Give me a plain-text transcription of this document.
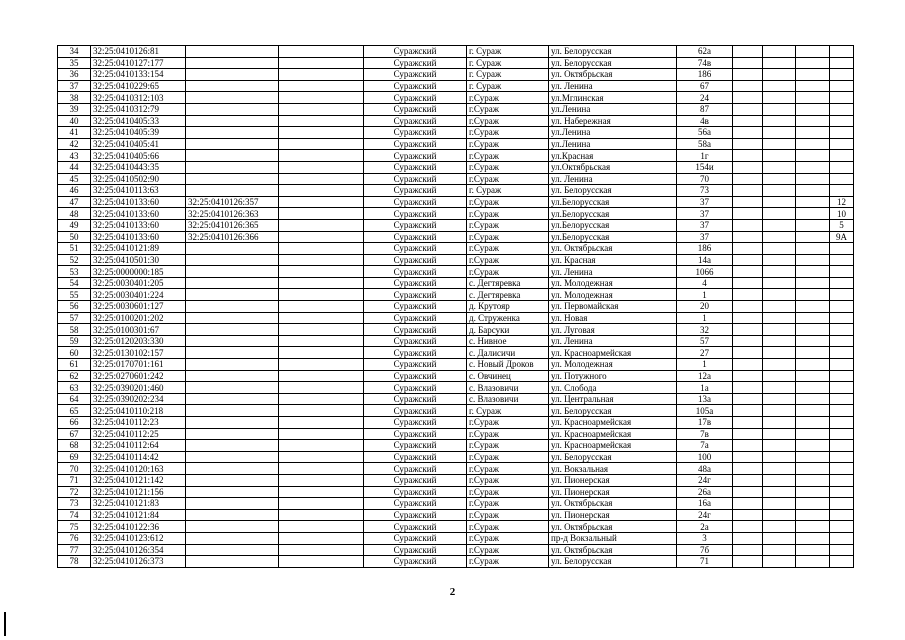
34	32:25:0410126:81			Суражский	г. Сураж	ул. Белорусская	62а				
35	32:25:0410127:177			Суражский	г. Сураж	ул. Белорусская	74в				
36	32:25:0410133:154			Суражский	г. Сураж	ул. Октябрьская	186				
37	32:25:0410229:65			Суражский	г. Сураж	ул. Ленина	67				
38	32:25:0410312:103			Суражский	г.Сураж	ул.Мглинская	24				
39	32:25:0410312:79			Суражский	г.Сураж	ул.Ленина	87				
40	32:25:0410405:33			Суражский	г.Сураж	ул. Набережная	4в				
41	32:25:0410405:39			Суражский	г.Сураж	ул.Ленина	56а				
42	32:25:0410405:41			Суражский	г.Сураж	ул.Ленина	58а				
43	32:25:0410405:66			Суражский	г.Сураж	ул.Красная	1г				
44	32:25:0410443:35			Суражский	г.Сураж	ул.Октябрьская	154и				
45	32:25:0410502:90			Суражский	г.Сураж	ул. Ленина	70				
46	32:25:0410113:63			Суражский	г. Сураж	ул. Белорусская	73				
47	32:25:0410133:60	32:25:0410126:357		Суражский	г.Сураж	ул.Белорусская	37				12
48	32:25:0410133:60	32:25:0410126:363		Суражский	г.Сураж	ул.Белорусская	37				10
49	32:25:0410133:60	32:25:0410126:365		Суражский	г.Сураж	ул.Белорусская	37				5
50	32:25:0410133:60	32:25:0410126:366		Суражский	г.Сураж	ул.Белорусская	37				9А
51	32:25:0410121:89			Суражский	г.Сураж	ул. Октябрьская	186				
52	32:25:0410501:30			Суражский	г.Сураж	ул. Красная	14а				
53	32:25:0000000:185			Суражский	г.Сураж	ул. Ленина	1066				
54	32:25:0030401:205			Суражский	с. Дегтяревка	ул. Молодежная	4				
55	32:25:0030401:224			Суражский	с. Дегтяревка	ул. Молодежная	1				
56	32:25:0030601:127			Суражский	д. Крутояр	ул. Первомайская	20				
57	32:25:0100201:202			Суражский	д. Струженка	ул. Новая	1				
58	32:25:0100301:67			Суражский	д. Барсуки	ул. Луговая	32				
59	32:25:0120203:330			Суражский	с. Нивное	ул. Ленина	57				
60	32:25:0130102:157			Суражский	с. Далисичи	ул. Красноармейская	27				
61	32:25:0170701:161			Суражский	с. Новый Дроков	ул. Молодежная	1				
62	32:25:0270601:242			Суражский	с. Овчинец	ул. Потужного	12а				
63	32:25:0390201:460			Суражский	с. Влазовичи	ул. Слобода	1а				
64	32:25:0390202:234			Суражский	с. Влазовичи	ул. Центральная	13а				
65	32:25:0410110:218			Суражский	г. Сураж	ул. Белорусская	105а				
66	32:25:0410112:23			Суражский	г.Сураж	ул. Красноармейская	17в				
67	32:25:0410112:25			Суражский	г.Сураж	ул. Красноармейская	7в				
68	32:25:0410112:64			Суражский	г.Сураж	ул. Красноармейская	7а				
69	32:25:0410114:42			Суражский	г.Сураж	ул. Белорусская	100				
70	32:25:0410120:163			Суражский	г.Сураж	ул. Вокзальная	48а				
71	32:25:0410121:142			Суражский	г.Сураж	ул. Пионерская	24г				
72	32:25:0410121:156			Суражский	г.Сураж	ул. Пионерская	26а				
73	32:25:0410121:83			Суражский	г.Сураж	ул. Октябрьская	16а				
74	32:25:0410121:84			Суражский	г.Сураж	ул. Пионерская	24г				
75	32:25:0410122:36			Суражский	г.Сураж	ул. Октябрьская	2а				
76	32:25:0410123:612			Суражский	г.Сураж	пр-д Вокзальный	3				
77	32:25:0410126:354			Суражский	г.Сураж	ул. Октябрьская	7б				
78	32:25:0410126:373			Суражский	г.Сураж	ул. Белорусская	71				
2
